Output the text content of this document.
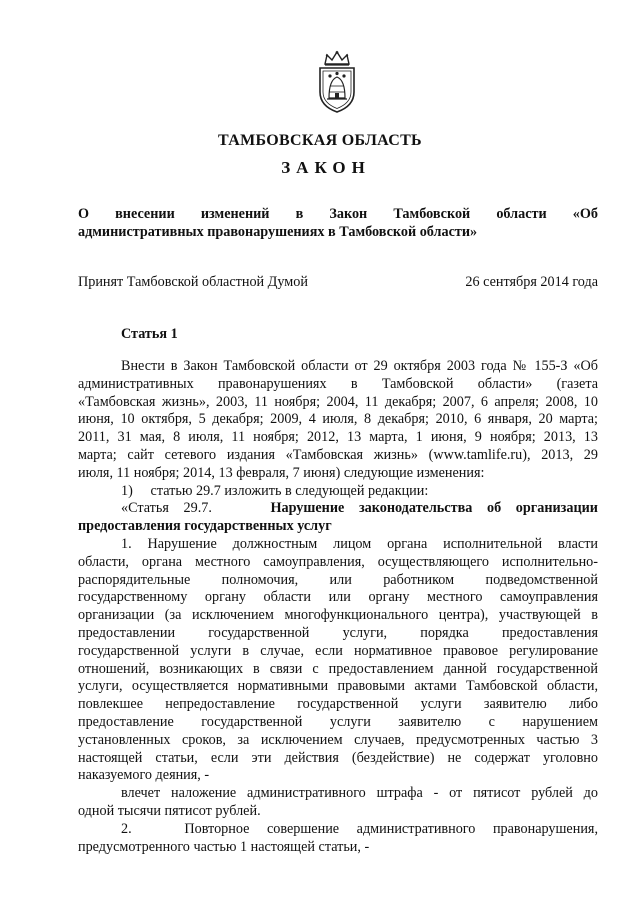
ТАМБОВСКАЯ ОБЛАСТЬ
ЗАКОН
О внесении изменений в Закон Тамбовской области «Об
административных правонарушениях в Тамбовской области»
Принят Тамбовской областной Думой	26 сентября 2014 года
Статья 1

Внести в Закон Тамбовской области от 29 октября 2003 года № 155-З «Об

административных правонарушениях в Тамбовской области» (газета

«Тамбовская жизнь», 2003, 11 ноября; 2004, 11 декабря; 2007, 6 апреля; 2008, 10

июня, 10 октября, 5 декабря; 2009, 4 июля, 8 декабря; 2010, 6 января, 20 марта;

2011, 31 мая, 8 июля, 11 ноября; 2012, 13 марта, 1 июня, 9 ноября; 2013, 13

марта; сайт сетевого издания «Тамбовская жизнь» (www.tamlife.ru), 2013, 29

июля, 11 ноября; 2014, 13 февраля, 7 июня) следующие изменения:

1)     статью 29.7 изложить в следующей редакции:

«Статья 29.7.	Нарушение законодательства об организации

предоставления государственных услуг

1. Нарушение должностным лицом органа исполнительной власти

области, органа местного самоуправления, осуществляющего исполнительно-

распорядительные полномочия, или работником подведомственной

государственному органу области или органу местного самоуправления

организации (за исключением многофункционального центра), участвующей в

предоставлении государственной услуги, порядка предоставления

государственной услуги в случае, если нормативное правовое регулирование

отношений, возникающих в связи с предоставлением данной государственной

услуги, осуществляется нормативными правовыми актами Тамбовской области,

повлекшее непредоставление государственной услуги заявителю либо

предоставление государственной услуги заявителю с нарушением

установленных сроков, за исключением случаев, предусмотренных частью 3

настоящей статьи, если эти действия (бездействие) не содержат уголовно

наказуемого деяния, -

влечет наложение административного штрафа - от пятисот рублей до

одной тысячи пятисот рублей.

2.   Повторное совершение административного правонарушения,

предусмотренного частью 1 настоящей статьи, -
